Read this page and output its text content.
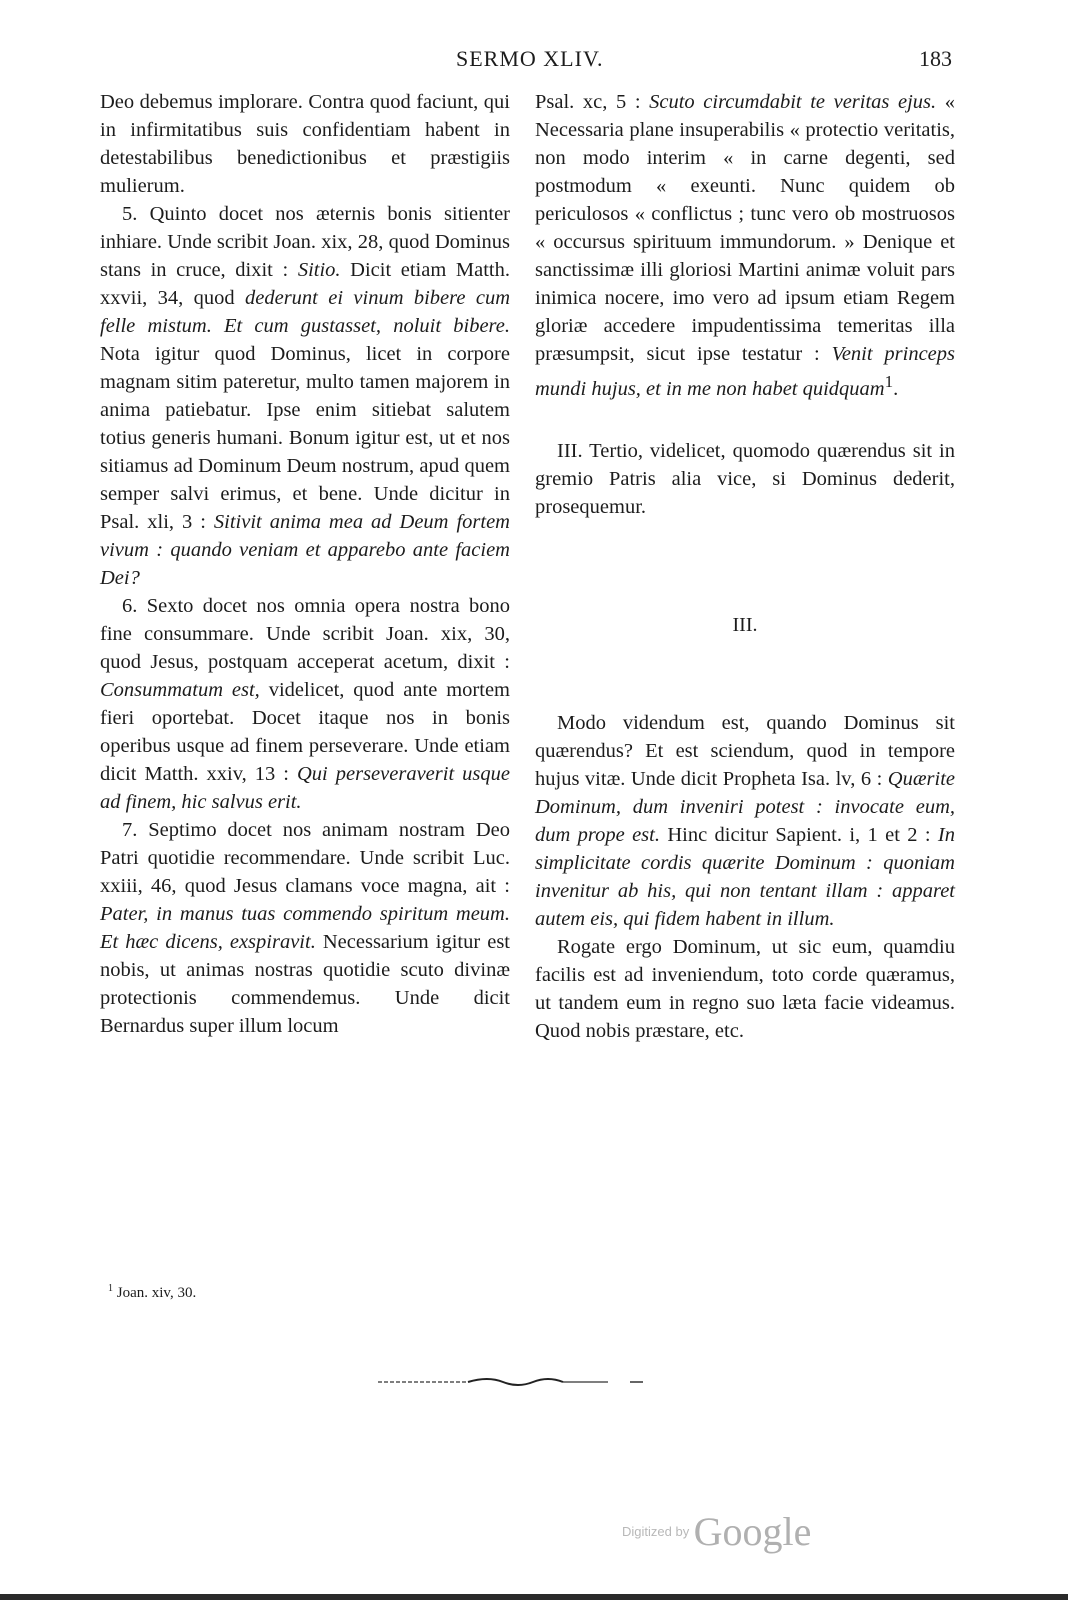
SERMO XLIV.	183

Deo debemus implorare. Contra quod faciunt, qui in infirmitatibus suis confidentiam habent in detestabilibus benedictionibus et præstigiis mulierum.

5. Quinto docet nos æternis bonis sitienter inhiare. Unde scribit Joan. xix, 28, quod Dominus stans in cruce, dixit : Sitio. Dicit etiam Matth. xxvii, 34, quod dederunt ei vinum bibere cum felle mistum. Et cum gustasset, noluit bibere. Nota igitur quod Dominus, licet in corpore magnam sitim pateretur, multo tamen majorem in anima patiebatur. Ipse enim sitiebat salutem totius generis humani. Bonum igitur est, ut et nos sitiamus ad Dominum Deum nostrum, apud quem semper salvi erimus, et bene. Unde dicitur in Psal. xli, 3 : Sitivit anima mea ad Deum fortem vivum : quando veniam et apparebo ante faciem Dei?

6. Sexto docet nos omnia opera nostra bono fine consummare. Unde scribit Joan. xix, 30, quod Jesus, postquam acceperat acetum, dixit : Consummatum est, videlicet, quod ante mortem fieri oportebat. Docet itaque nos in bonis operibus usque ad finem perseverare. Unde etiam dicit Matth. xxiv, 13 : Qui perseveraverit usque ad finem, hic salvus erit.

7. Septimo docet nos animam nostram Deo Patri quotidie recommendare. Unde scribit Luc. xxiii, 46, quod Jesus clamans voce magna, ait : Pater, in manus tuas commendo spiritum meum. Et hæc dicens, exspiravit. Necessarium igitur est nobis, ut animas nostras quotidie scuto divinæ protectionis commendemus. Unde dicit Bernardus super illum locum

Psal. xc, 5 : Scuto circumdabit te veritas ejus. « Necessaria plane insuperabilis « protectio veritatis, non modo interim « in carne degenti, sed postmodum « exeunti. Nunc quidem ob periculosos « conflictus ; tunc vero ob mostruosos « occursus spirituum immundorum. » Denique et sanctissimæ illi gloriosi Martini animæ voluit pars inimica nocere, imo vero ad ipsum etiam Regem gloriæ accedere impudentissima temeritas illa præsumpsit, sicut ipse testatur : Venit princeps mundi hujus, et in me non habet quidquam$^1$.

III. Tertio, videlicet, quomodo quærendus sit in gremio Patris alia vice, si Dominus dederit, prosequemur.

III.

Modo videndum est, quando Dominus sit quærendus? Et est sciendum, quod in tempore hujus vitæ. Unde dicit Propheta Isa. lv, 6 : Quærite Dominum, dum inveniri potest : invocate eum, dum prope est. Hinc dicitur Sapient. i, 1 et 2 : In simplicitate cordis quærite Dominum : quoniam invenitur ab his, qui non tentant illam : apparet autem eis, qui fidem habent in illum.

Rogate ergo Dominum, ut sic eum, quamdiu facilis est ad inveniendum, toto corde quæramus, ut tandem eum in regno suo læta facie videamus. Quod nobis præstare, etc.

$^1$ Joan. xiv, 30.
Digitized by Google
